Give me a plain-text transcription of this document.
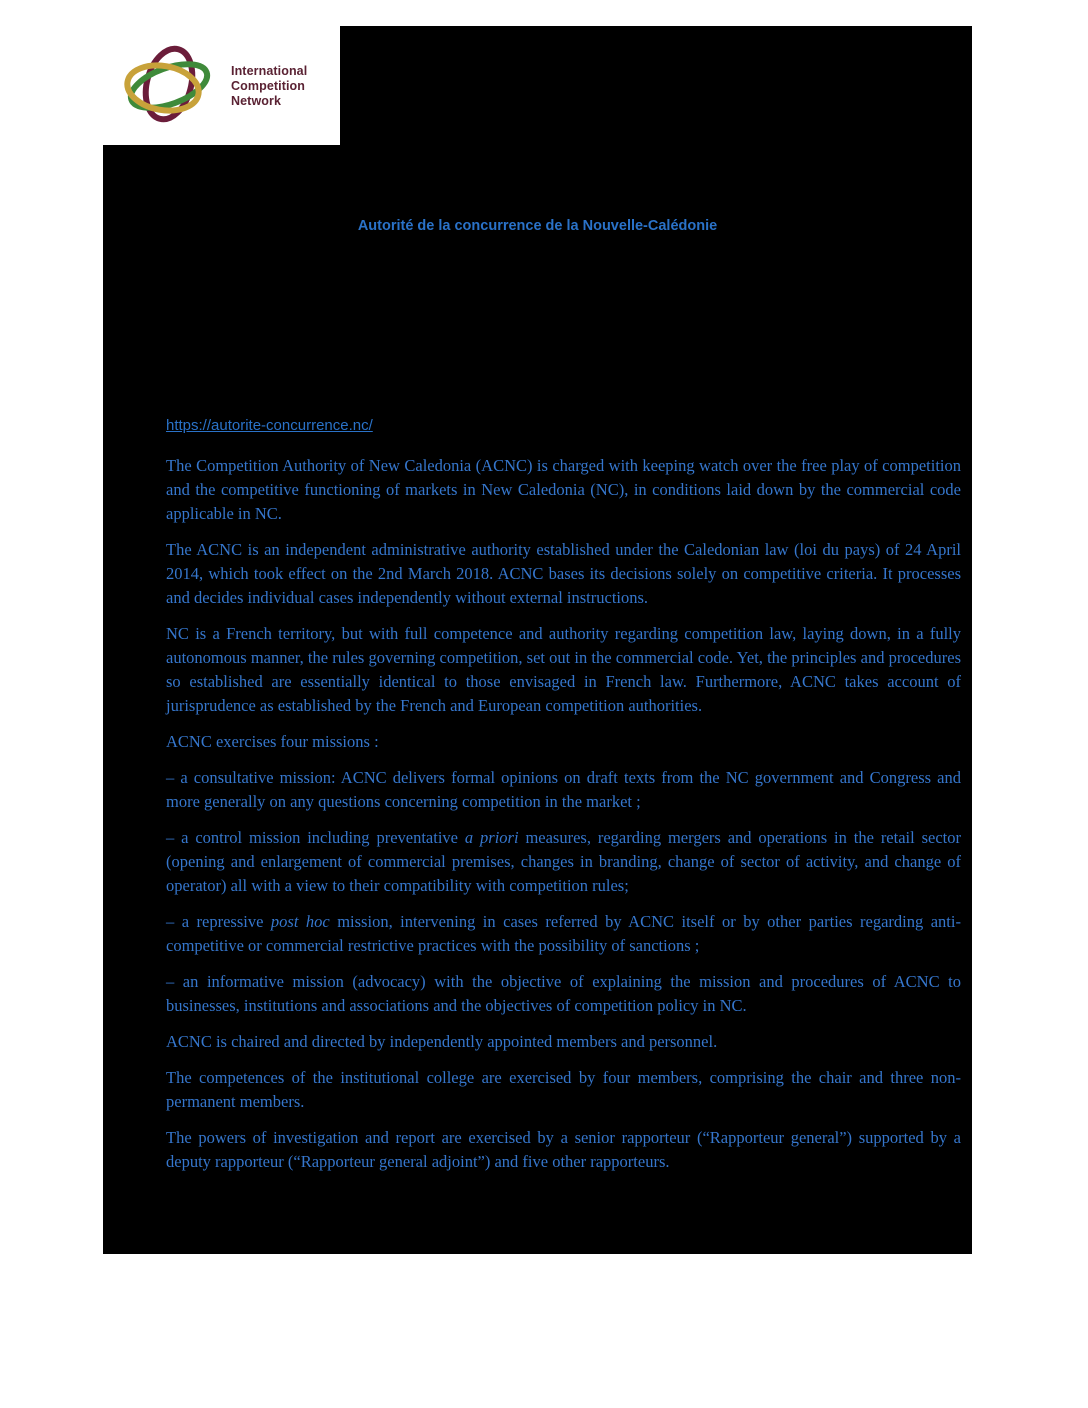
International
Competition
Network
Autorité de la concurrence de la Nouvelle-Calédonie
https://autorite-concurrence.nc/

The Competition Authority of New Caledonia (ACNC) is charged with keeping watch over the free play of competition and the competitive functioning of markets in New Caledonia (NC), in conditions laid down by the commercial code applicable in NC.

The ACNC is an independent administrative authority established under the Caledonian law (loi du pays) of 24 April 2014, which took effect on the 2nd March 2018. ACNC bases its decisions solely on competitive criteria. It processes and decides individual cases independently without external instructions.

NC is a French territory, but with full competence and authority regarding competition law, laying down, in a fully autonomous manner, the rules governing competition, set out in the commercial code. Yet, the principles and procedures so established are essentially identical to those envisaged in French law. Furthermore, ACNC takes account of jurisprudence as established by the French and European competition authorities.

ACNC exercises four missions :

– a consultative mission: ACNC delivers formal opinions on draft texts from the NC government and Congress and more generally on any questions concerning competition in the market ;

– a control mission including preventative a priori measures, regarding mergers and operations in the retail sector (opening and enlargement of commercial premises, changes in branding, change of sector of activity, and change of operator) all with a view to their compatibility with competition rules;

– a repressive post hoc mission, intervening in cases referred by ACNC itself or by other parties regarding anti-competitive or commercial restrictive practices with the possibility of sanctions ;

– an informative mission (advocacy) with the objective of explaining the mission and procedures of ACNC to businesses, institutions and associations and the objectives of competition policy in NC.

ACNC is chaired and directed by independently appointed members and personnel.

The competences of the institutional college are exercised by four members, comprising the chair and three non-permanent members.

The powers of investigation and report are exercised by a senior rapporteur (“Rapporteur general”) supported by a deputy rapporteur (“Rapporteur general adjoint”) and five other rapporteurs.
